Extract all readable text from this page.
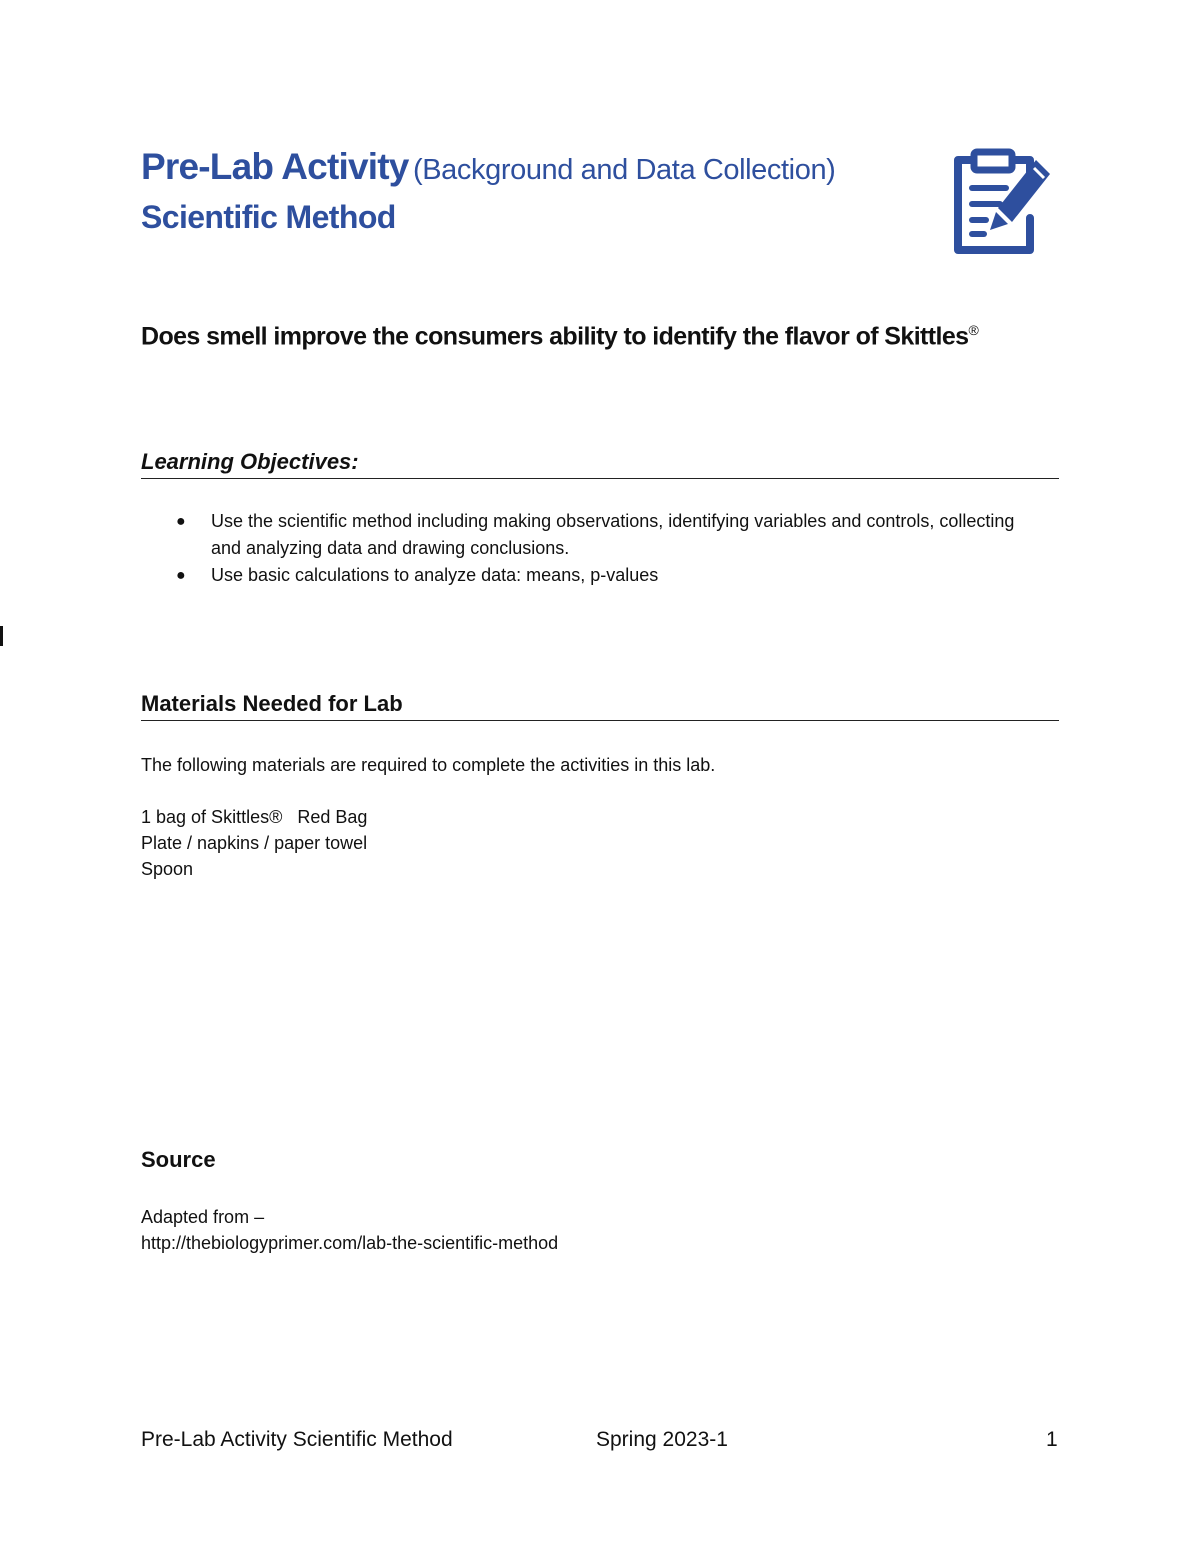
Pre-Lab Activity (Background and Data Collection)
Scientific Method
Does smell improve the consumers ability to identify the flavor of Skittles®
Learning Objectives:
● Use the scientific method including making observations, identifying variables and controls, collecting and analyzing data and drawing conclusions.
● Use basic calculations to analyze data: means, p-values
Materials Needed for Lab
The following materials are required to complete the activities in this lab.
1 bag of Skittles®   Red Bag
Plate / napkins / paper towel
Spoon
Source
Adapted from –
http://thebiologyprimer.com/lab-the-scientific-method
Pre-Lab Activity Scientific Method	Spring 2023-1	1
